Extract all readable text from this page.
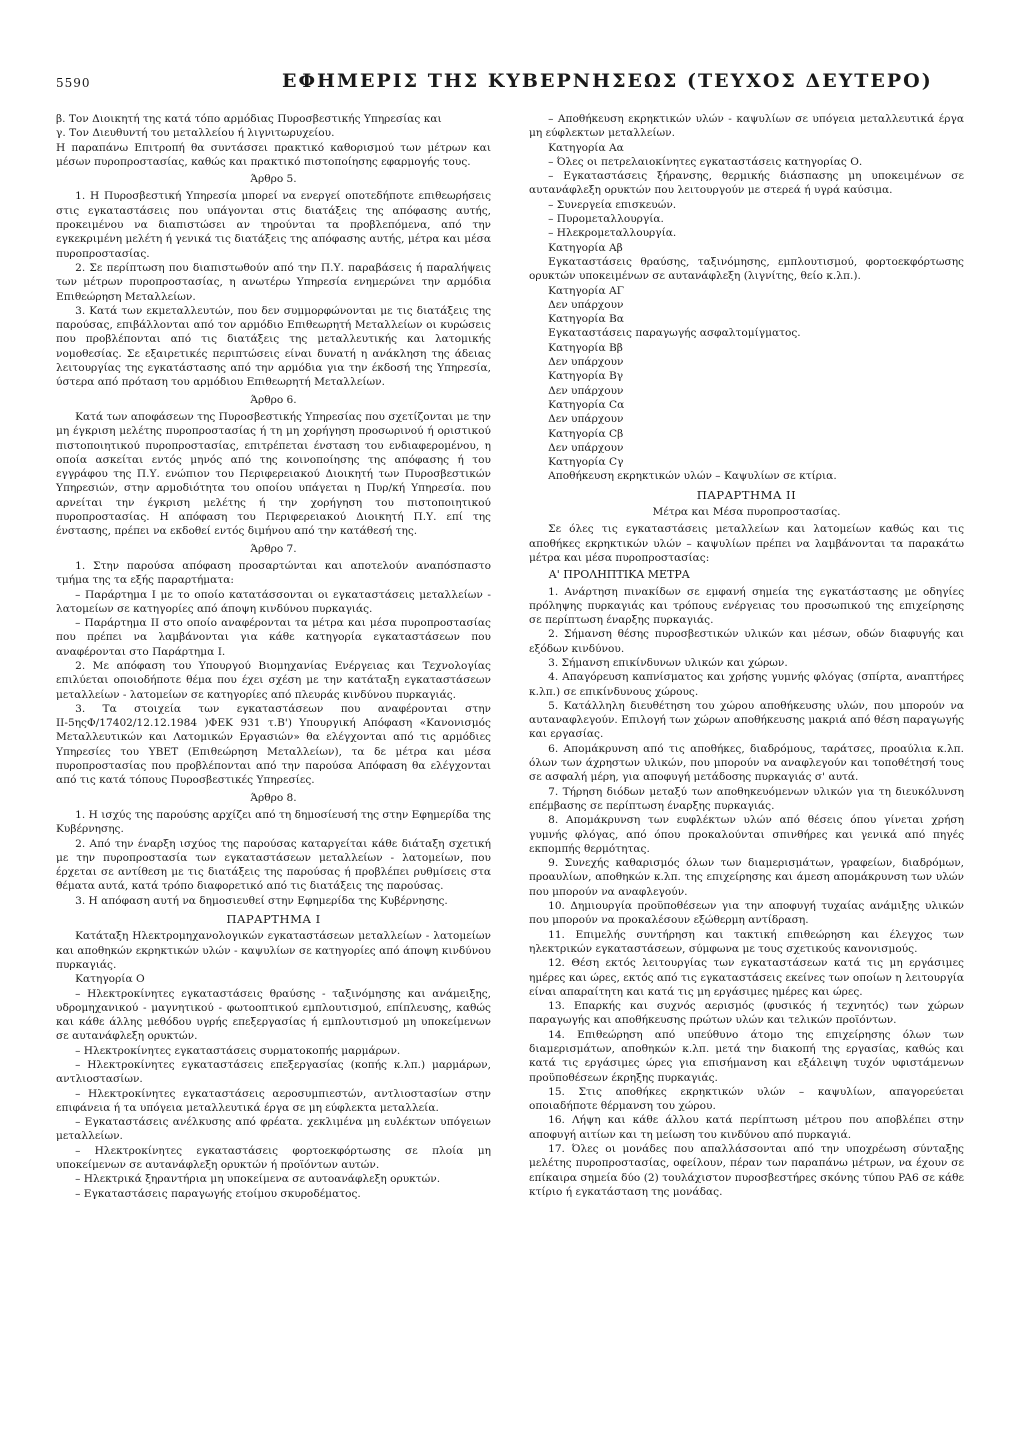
5590	ΕΦΗΜΕΡΙΣ ΤΗΣ ΚΥΒΕΡΝΗΣΕΩΣ (ΤΕΥΧΟΣ ΔΕΥΤΕΡΟ)

β. Τον Διοικητή της κατά τόπο αρμόδιας Πυροσβεστικής Υπηρεσίας και

γ. Τον Διευθυντή του μεταλλείου ή λιγνιτωρυχείου.

Η παραπάνω Επιτροπή θα συντάσσει πρακτικό καθορισμού των μέτρων και μέσων πυροπροστασίας, καθώς και πρακτικό πιστοποίησης εφαρμογής τους.

Άρθρο 5.

1. Η Πυροσβεστική Υπηρεσία μπορεί να ενεργεί οποτεδήποτε επιθεωρήσεις στις εγκαταστάσεις που υπάγονται στις διατάξεις της απόφασης αυτής, προκειμένου να διαπιστώσει αν τηρούνται τα προβλεπόμενα, από την εγκεκριμένη μελέτη ή γενικά τις διατάξεις της απόφασης αυτής, μέτρα και μέσα πυροπροστασίας.

2. Σε περίπτωση που διαπιστωθούν από την Π.Υ. παραβάσεις ή παραλήψεις των μέτρων πυροπροστασίας, η ανωτέρω Υπηρεσία ενημερώνει την αρμόδια Επιθεώρηση Μεταλλείων.

3. Κατά των εκμεταλλευτών, που δεν συμμορφώνονται με τις διατάξεις της παρούσας, επιβάλλονται από τον αρμόδιο Επιθεωρητή Μεταλλείων οι κυρώσεις που προβλέπονται από τις διατάξεις της μεταλλευτικής και λατομικής νομοθεσίας. Σε εξαιρετικές περιπτώσεις είναι δυνατή η ανάκληση της άδειας λειτουργίας της εγκατάστασης από την αρμόδια για την έκδοσή της Υπηρεσία, ύστερα από πρόταση του αρμόδιου Επιθεωρητή Μεταλλείων.

Άρθρο 6.

Κατά των αποφάσεων της Πυροσβεστικής Υπηρεσίας που σχετίζονται με την μη έγκριση μελέτης πυροπροστασίας ή τη μη χορήγηση προσωρινού ή οριστικού πιστοποιητικού πυροπροστασίας, επιτρέπεται ένσταση του ενδιαφερομένου, η οποία ασκείται εντός μηνός από της κοινοποίησης της απόφασης ή του εγγράφου της Π.Υ. ενώπιον του Περιφερειακού Διοικητή των Πυροσβεστικών Υπηρεσιών, στην αρμοδιότητα του οποίου υπάγεται η Πυρ/κή Υπηρεσία. που αρνείται την έγκριση μελέτης ή την χορήγηση του πιστοποιητικού πυροπροστασίας. Η απόφαση του Περιφερειακού Διοικητή Π.Υ. επί της ένστασης, πρέπει να εκδοθεί εντός διμήνου από την κατάθεσή της.

Άρθρο 7.

1. Στην παρούσα απόφαση προσαρτώνται και αποτελούν αναπόσπαστο τμήμα της τα εξής παραρτήματα:

– Παράρτημα Ι με το οποίο κατατάσσονται οι εγκαταστάσεις μεταλλείων - λατομείων σε κατηγορίες από άποψη κινδύνου πυρκαγιάς.

– Παράρτημα ΙΙ στο οποίο αναφέρονται τα μέτρα και μέσα πυροπροστασίας που πρέπει να λαμβάνονται για κάθε κατηγορία εγκαταστάσεων που αναφέρονται στο Παράρτημα Ι.

2. Με απόφαση του Υπουργού Βιομηχανίας Ενέργειας και Τεχνολογίας επιλύεται οποιοδήποτε θέμα που έχει σχέση με την κατάταξη εγκαταστάσεων μεταλλείων - λατομείων σε κατηγορίες από πλευράς κινδύνου πυρκαγιάς.

3. Τα στοιχεία των εγκαταστάσεων που αναφέρονται στην ΙΙ-5ηςΦ/17402/12.12.1984 )ΦΕΚ 931 τ.Β') Υπουργική Απόφαση «Κανονισμός Μεταλλευτικών και Λατομικών Εργασιών» θα ελέγχονται από τις αρμόδιες Υπηρεσίες του ΥΒΕΤ (Επιθεώρηση Μεταλλείων), τα δε μέτρα και μέσα πυροπροστασίας που προβλέπονται από την παρούσα Απόφαση θα ελέγχονται από τις κατά τόπους Πυροσβεστικές Υπηρεσίες.

Άρθρο 8.

1. Η ισχύς της παρούσης αρχίζει από τη δημοσίευσή της στην Εφημερίδα της Κυβέρνησης.

2. Από την έναρξη ισχύος της παρούσας καταργείται κάθε διάταξη σχετική με την πυροπροστασία των εγκαταστάσεων μεταλλείων - λατομείων, που έρχεται σε αντίθεση με τις διατάξεις της παρούσας ή προβλέπει ρυθμίσεις στα θέματα αυτά, κατά τρόπο διαφορετικό από τις διατάξεις της παρούσας.

3. Η απόφαση αυτή να δημοσιευθεί στην Εφημερίδα της Κυβέρνησης.

ΠΑΡΑΡΤΗΜΑ Ι

Κατάταξη Ηλεκτρομηχανολογικών εγκαταστάσεων μεταλλείων - λατομείων και αποθηκών εκρηκτικών υλών - καψυλίων σε κατηγορίες από άποψη κινδύνου πυρκαγιάς.

Κατηγορία Ο

– Ηλεκτροκίνητες εγκαταστάσεις θραύσης - ταξινόμησης και ανάμειξης, υδρομηχανικού - μαγνητικού - φωτοοπτικού εμπλουτισμού, επίπλευσης, καθώς και κάθε άλλης μεθόδου υγρής επεξεργασίας ή εμπλουτισμού μη υποκείμενων σε αυτανάφλεξη ορυκτών.

– Ηλεκτροκίνητες εγκαταστάσεις συρματοκοπής μαρμάρων.

– Ηλεκτροκίνητες εγκαταστάσεις επεξεργασίας (κοπής κ.λπ.) μαρμάρων, αντλιοστασίων.

– Ηλεκτροκίνητες εγκαταστάσεις αεροσυμπιεστών, αντλιοστασίων στην επιφάνεια ή τα υπόγεια μεταλλευτικά έργα σε μη εύφλεκτα μεταλλεία.

– Εγκαταστάσεις ανέλκυσης από φρέατα. χεκλιμένα μη ευλέκτων υπόγειων μεταλλείων.

– Ηλεκτροκίνητες εγκαταστάσεις φορτοεκφόρτωσης σε πλοία μη υποκείμενων σε αυτανάφλεξη ορυκτών ή προϊόντων αυτών.

– Ηλεκτρικά ξηραντήρια μη υποκείμενα σε αυτοανάφλεξη ορυκτών.

– Εγκαταστάσεις παραγωγής ετοίμου σκυροδέματος.

– Αποθήκευση εκρηκτικών υλών - καψυλίων σε υπόγεια μεταλλευτικά έργα μη εύφλεκτων μεταλλείων.

Κατηγορία Αα

– Όλες οι πετρελαιοκίνητες εγκαταστάσεις κατηγορίας Ο.

– Εγκαταστάσεις ξήρανσης, θερμικής διάσπασης μη υποκειμένων σε αυτανάφλεξη ορυκτών που λειτουργούν με στερεά ή υγρά καύσιμα.

– Συνεργεία επισκευών.

– Πυρομεταλλουργία.

– Ηλεκρομεταλλουργία.

Κατηγορία Αβ

Εγκαταστάσεις θραύσης, ταξινόμησης, εμπλουτισμού, φορτοεκφόρτωσης ορυκτών υποκειμένων σε αυτανάφλεξη (λιγνίτης, θείο κ.λπ.).

Κατηγορία ΑΓ

Δεν υπάρχουν

Κατηγορία Βα

Εγκαταστάσεις παραγωγής ασφαλτομίγματος.

Κατηγορία Ββ

Δεν υπάρχουν

Κατηγορία Βγ

Δεν υπάρχουν

Κατηγορία Cα

Δεν υπάρχουν

Κατηγορία Cβ

Δεν υπάρχουν

Κατηγορία Cγ

Αποθήκευση εκρηκτικών υλών – Καψυλίων σε κτίρια.

ΠΑΡΑΡΤΗΜΑ ΙΙ
Μέτρα και Μέσα πυροπροστασίας.

Σε όλες τις εγκαταστάσεις μεταλλείων και λατομείων καθώς και τις αποθήκες εκρηκτικών υλών – καψυλίων πρέπει να λαμβάνονται τα παρακάτω μέτρα και μέσα πυροπροστασίας:

Α' ΠΡΟΛΗΠΤΙΚΑ ΜΕΤΡΑ

1. Ανάρτηση πινακίδων σε εμφανή σημεία της εγκατάστασης με οδηγίες πρόληψης πυρκαγιάς και τρόπους ενέργειας του προσωπικού της επιχείρησης σε περίπτωση έναρξης πυρκαγιάς.

2. Σήμανση θέσης πυροσβεστικών υλικών και μέσων, οδών διαφυγής και εξόδων κινδύνου.

3. Σήμανση επικίνδυνων υλικών και χώρων.

4. Απαγόρευση καπνίσματος και χρήσης γυμνής φλόγας (σπίρτα, αναπτήρες κ.λπ.) σε επικίνδυνους χώρους.

5. Κατάλληλη διευθέτηση του χώρου αποθήκευσης υλών, που μπορούν να αυταναφλεγούν. Επιλογή των χώρων αποθήκευσης μακριά από θέση παραγωγής και εργασίας.

6. Απομάκρυνση από τις αποθήκες, διαδρόμους, ταράτσες, προαύλια κ.λπ. όλων των άχρηστων υλικών, που μπορούν να αναφλεγούν και τοποθέτησή τους σε ασφαλή μέρη, για αποφυγή μετάδοσης πυρκαγιάς σ' αυτά.

7. Τήρηση διόδων μεταξύ των αποθηκευόμενων υλικών για τη διευκόλυνση επέμβασης σε περίπτωση έναρξης πυρκαγιάς.

8. Απομάκρυνση των ευφλέκτων υλών από θέσεις όπου γίνεται χρήση γυμνής φλόγας, από όπου προκαλούνται σπινθήρες και γενικά από πηγές εκπομπής θερμότητας.

9. Συνεχής καθαρισμός όλων των διαμερισμάτων, γραφείων, διαδρόμων, προαυλίων, αποθηκών κ.λπ. της επιχείρησης και άμεση απομάκρυνση των υλών που μπορούν να αναφλεγούν.

10. Δημιουργία προϋποθέσεων για την αποφυγή τυχαίας ανάμιξης υλικών που μπορούν να προκαλέσουν εξώθερμη αντίδραση.

11. Επιμελής συντήρηση και τακτική επιθεώρηση και έλεγχος των ηλεκτρικών εγκαταστάσεων, σύμφωνα με τους σχετικούς κανονισμούς.

12. Θέση εκτός λειτουργίας των εγκαταστάσεων κατά τις μη εργάσιμες ημέρες και ώρες, εκτός από τις εγκαταστάσεις εκείνες των οποίων η λειτουργία είναι απαραίτητη και κατά τις μη εργάσιμες ημέρες και ώρες.

13. Επαρκής και συχνός αερισμός (φυσικός ή τεχνητός) των χώρων παραγωγής και αποθήκευσης πρώτων υλών και τελικών προϊόντων.

14. Επιθεώρηση από υπεύθυνο άτομο της επιχείρησης όλων των διαμερισμάτων, αποθηκών κ.λπ. μετά την διακοπή της εργασίας, καθώς και κατά τις εργάσιμες ώρες για επισήμανση και εξάλειψη τυχόν υφιστάμενων προϋποθέσεων έκρηξης πυρκαγιάς.

15. Στις αποθήκες εκρηκτικών υλών – καψυλίων, απαγορεύεται οποιαδήποτε θέρμανση του χώρου.

16. Λήψη και κάθε άλλου κατά περίπτωση μέτρου που αποβλέπει στην αποφυγή αιτίων και τη μείωση του κινδύνου από πυρκαγιά.

17. Όλες οι μονάδες που απαλλάσσονται από την υποχρέωση σύνταξης μελέτης πυροπροστασίας, οφείλουν, πέραν των παραπάνω μέτρων, να έχουν σε επίκαιρα σημεία δύο (2) τουλάχιστον πυροσβεστήρες σκόνης τύπου PA6 σε κάθε κτίριο ή εγκατάσταση της μονάδας.
